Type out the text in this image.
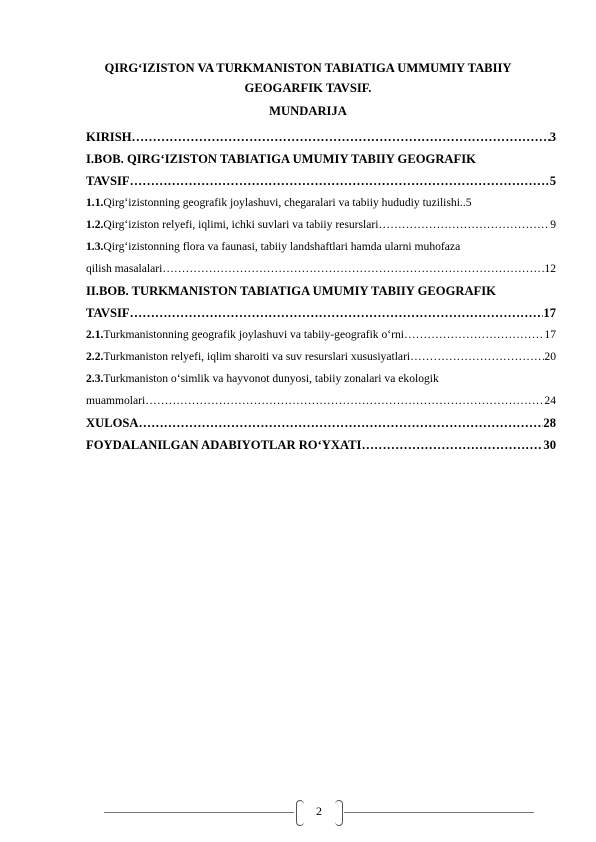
QIRG‘IZISTON VA TURKMANISTON TABIATIGA UMMUMIY TABIIY
GEOGARFIK TAVSIF.
MUNDARIJA
KIRISH ………………………………………………………………………………………………………………………………………………………………………………	3
I.BOB. QIRG‘IZISTON TABIATIGA UMUMIY TABIIY GEOGRAFIK
TAVSIF ………………………………………………………………………………………………………………………………………………………………………………	5
1.1. Qirg‘izistonning geografik joylashuvi, chegaralari va tabiiy hududiy tuzilishi.. 5
1.2. Qirg‘iziston relyefi, iqlimi, ichki suvlari va tabiiy resurslari ………………………………………………………………………………………………………………………………………………………………………………	9
1.3. Qirg‘izistonning flora va faunasi, tabiiy landshaftlari hamda ularni muhofaza
qilish masalalari ………………………………………………………………………………………………………………………………………………………………………………	12
II.BOB. TURKMANISTON TABIATIGA UMUMIY TABIIY GEOGRAFIK
TAVSIF ………………………………………………………………………………………………………………………………………………………………………………	17
2.1. Turkmanistonning geografik joylashuvi va tabiiy-geografik o‘rni ………………………………………………………………………………………………………………………………………………………………………………	17
2.2. Turkmaniston relyefi, iqlim sharoiti va suv resurslari xususiyatlari ………………………………………………………………………………………………………………………………………………………………………………	20
2.3. Turkmaniston o‘simlik va hayvonot dunyosi, tabiiy zonalari va ekologik
muammolari ………………………………………………………………………………………………………………………………………………………………………………	24
XULOSA ………………………………………………………………………………………………………………………………………………………………………………	28
FOYDALANILGAN ADABIYOTLAR RO‘YXATI ………………………………………………………………………………………………………………………………………………………………………………	30
2
